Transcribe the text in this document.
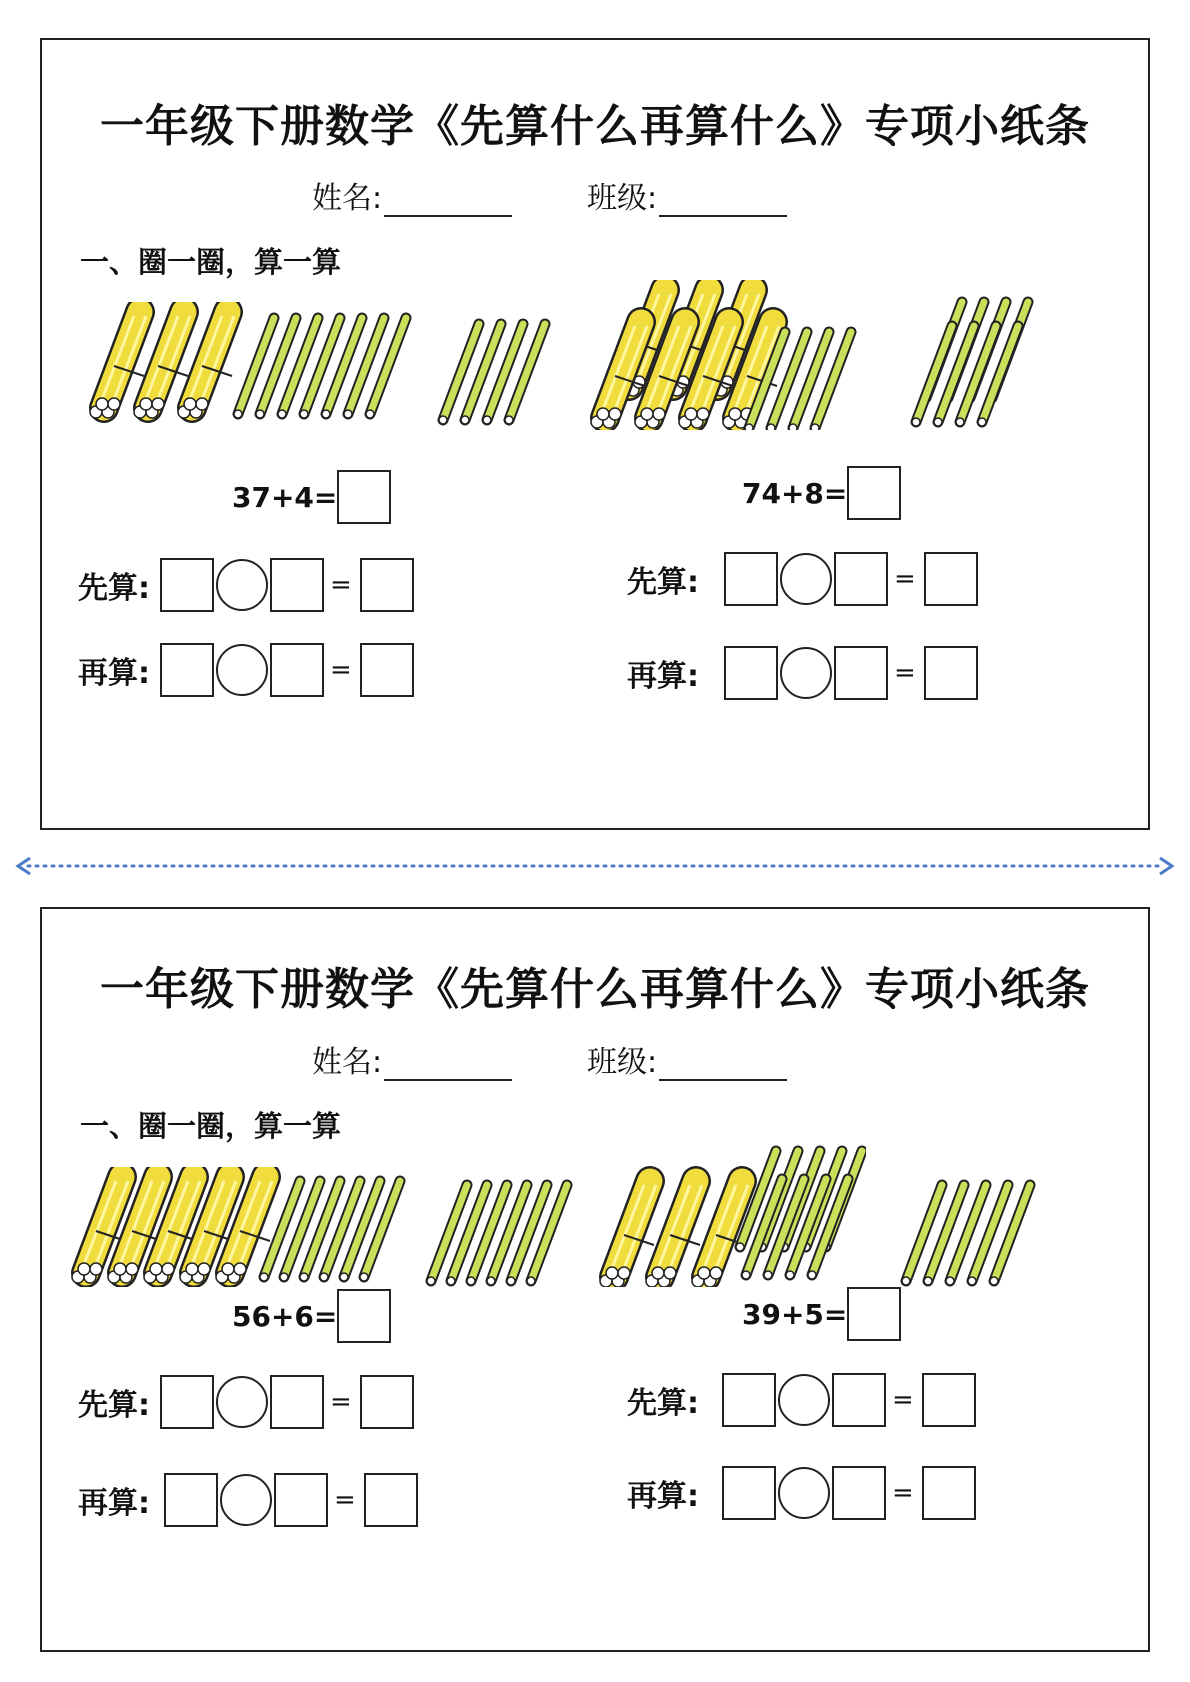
一年级下册数学《先算什么再算什么》专项小纸条
姓名:	班级:
一、圈一圈，算一算
37+4=	74+8=
先算:	=
再算:	=
先算:	=
再算:	=
一年级下册数学《先算什么再算什么》专项小纸条
姓名:	班级:
一、圈一圈，算一算
56+6=	39+5=
先算:	=
再算:	=
先算:	=
再算:	=
